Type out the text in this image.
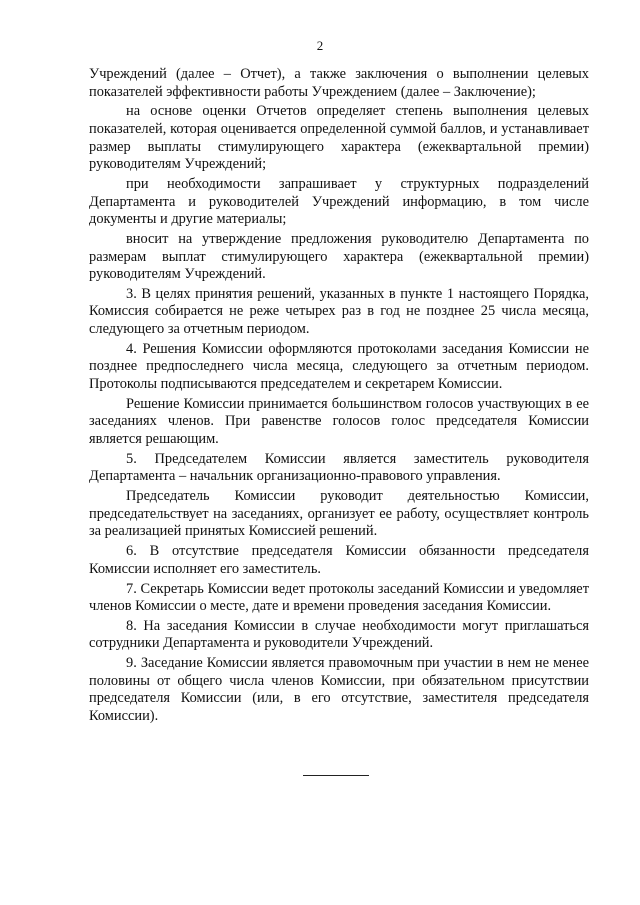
2

Учреждений (далее – Отчет), а также заключения о выполнении целевых показателей эффективности работы Учреждением (далее – Заключение);

на основе оценки Отчетов определяет степень выполнения целевых показателей, которая оценивается определенной суммой баллов, и устанавливает размер выплаты стимулирующего характера (ежеквартальной премии) руководителям Учреждений;

при необходимости запрашивает у структурных подразделений Департамента и руководителей Учреждений информацию, в том числе документы и другие материалы;

вносит на утверждение предложения руководителю Департамента по размерам выплат стимулирующего характера (ежеквартальной премии) руководителям Учреждений.

3. В целях принятия решений, указанных в пункте 1 настоящего Порядка, Комиссия собирается не реже четырех раз в год не позднее 25 числа месяца, следующего за отчетным периодом.

4. Решения Комиссии оформляются протоколами заседания Комиссии не позднее предпоследнего числа месяца, следующего за отчетным периодом. Протоколы подписываются председателем и секретарем Комиссии.

Решение Комиссии принимается большинством голосов участвующих в ее заседаниях членов. При равенстве голосов голос председателя Комиссии является решающим.

5. Председателем Комиссии является заместитель руководителя Департамента – начальник организационно-правового управления.

Председатель Комиссии руководит деятельностью Комиссии, председательствует на заседаниях, организует ее работу, осуществляет контроль за реализацией принятых Комиссией решений.

6. В отсутствие председателя Комиссии обязанности председателя Комиссии исполняет его заместитель.

7. Секретарь Комиссии ведет протоколы заседаний Комиссии и уведомляет членов Комиссии о месте, дате и времени проведения заседания Комиссии.

8. На заседания Комиссии в случае необходимости могут приглашаться сотрудники Департамента и руководители Учреждений.

9. Заседание Комиссии является правомочным при участии в нем не менее половины от общего числа членов Комиссии, при обязательном присутствии председателя Комиссии (или, в его отсутствие, заместителя председателя Комиссии).
